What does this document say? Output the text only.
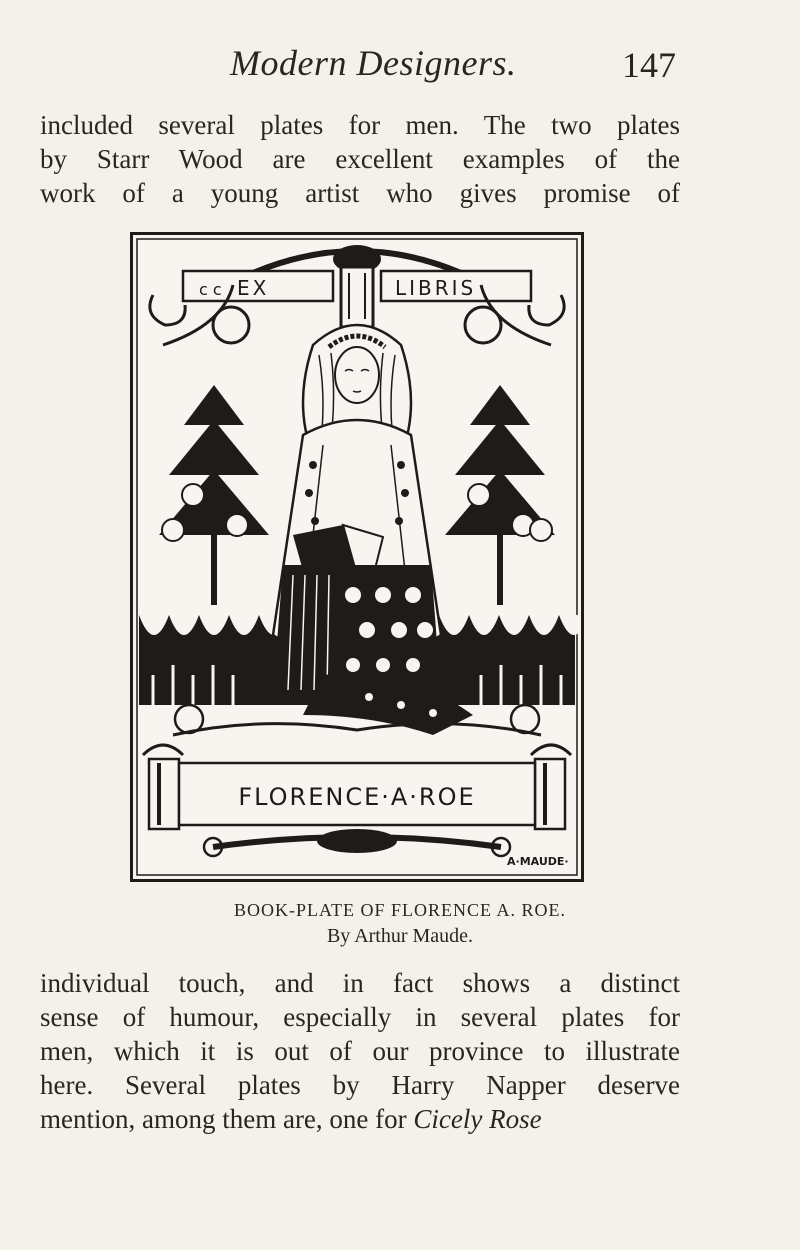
Modern Designers.	147

included several plates for men. The two plates
by Starr Wood are excellent examples of the
work of a young artist who gives promise of

c c EX	LIBRIS
FLORENCE·A·ROE
A·MAUDE·
BOOK-PLATE OF FLORENCE A. ROE.
By Arthur Maude.

individual touch, and in fact shows a distinct
sense of humour, especially in several plates for
men, which it is out of our province to illustrate
here. Several plates by Harry Napper deserve
mention, among them are, one for Cicely Rose
